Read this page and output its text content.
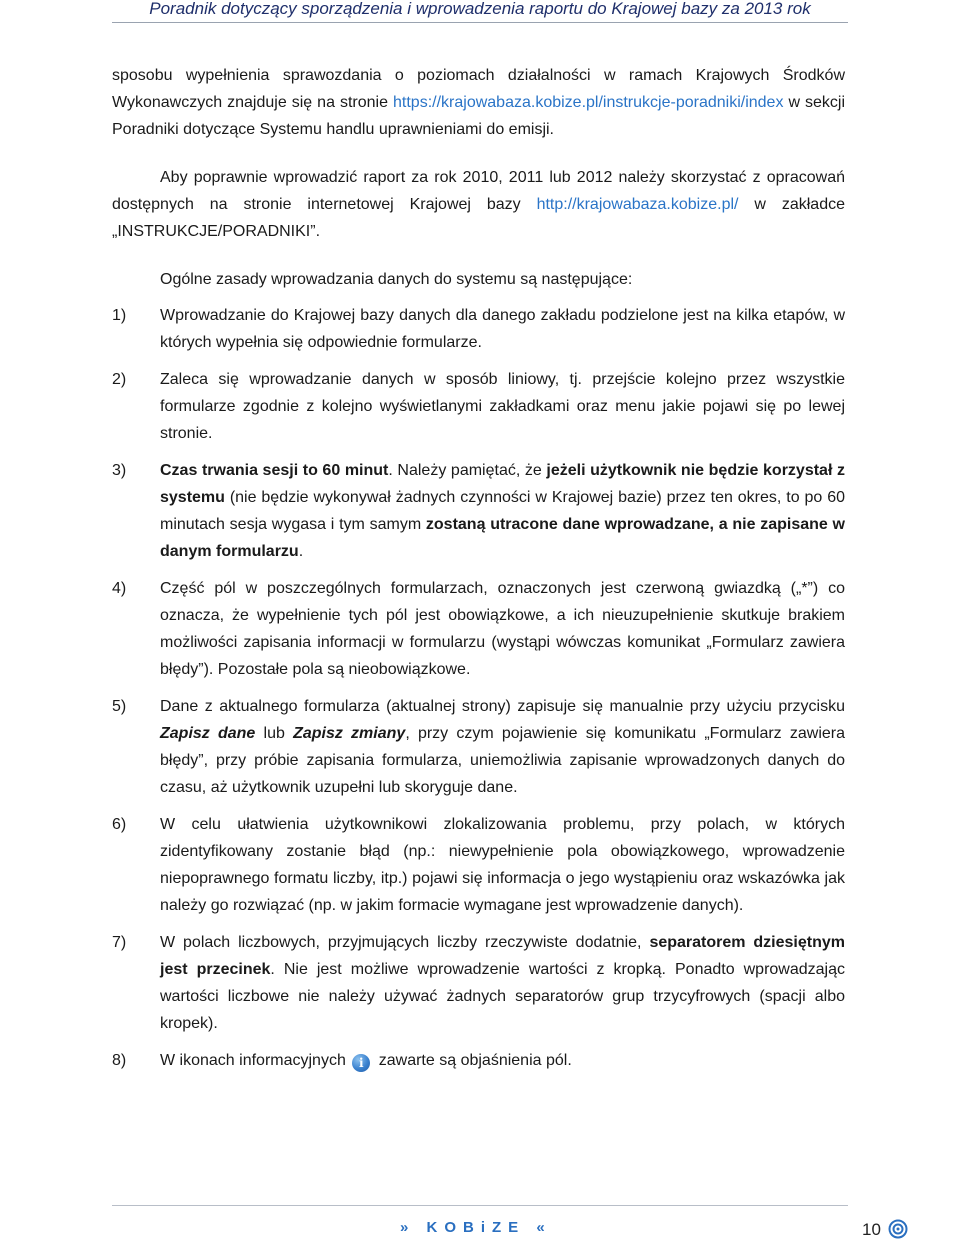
Poradnik dotyczący sporządzenia i wprowadzenia raportu do Krajowej bazy za 2013 rok

sposobu wypełnienia sprawozdania o poziomach działalności w ramach Krajowych Środków Wykonawczych znajduje się na stronie https://krajowabaza.kobize.pl/instrukcje-poradniki/index w sekcji Poradniki dotyczące Systemu handlu uprawnieniami do emisji.

Aby poprawnie wprowadzić raport za rok 2010, 2011 lub 2012 należy skorzystać z opracowań dostępnych na stronie internetowej Krajowej bazy http://krajowabaza.kobize.pl/ w zakładce „INSTRUKCJE/PORADNIKI”.

Ogólne zasady wprowadzania danych do systemu są następujące:

1)	Wprowadzanie do Krajowej bazy danych dla danego zakładu podzielone jest na kilka etapów, w których wypełnia się odpowiednie formularze.
2)	Zaleca się wprowadzanie danych w sposób liniowy, tj. przejście kolejno przez wszystkie formularze zgodnie z kolejno wyświetlanymi zakładkami oraz menu jakie pojawi się po lewej stronie.
3)	Czas trwania sesji to 60 minut. Należy pamiętać, że jeżeli użytkownik nie będzie korzystał z systemu (nie będzie wykonywał żadnych czynności w Krajowej bazie) przez ten okres, to po 60 minutach sesja wygasa i tym samym zostaną utracone dane wprowadzane, a nie zapisane w danym formularzu.
4)	Część pól w poszczególnych formularzach, oznaczonych jest czerwoną gwiazdką („*”) co oznacza, że wypełnienie tych pól jest obowiązkowe, a ich nieuzupełnienie skutkuje brakiem możliwości zapisania informacji w formularzu (wystąpi wówczas komunikat „Formularz zawiera błędy”). Pozostałe pola są nieobowiązkowe.
5)	Dane z aktualnego formularza (aktualnej strony) zapisuje się manualnie przy użyciu przycisku Zapisz dane lub Zapisz zmiany, przy czym pojawienie się komunikatu „Formularz zawiera błędy”, przy próbie zapisania formularza, uniemożliwia zapisanie wprowadzonych danych do czasu, aż użytkownik uzupełni lub skoryguje dane.
6)	W celu ułatwienia użytkownikowi zlokalizowania problemu, przy polach, w których zidentyfikowany zostanie błąd (np.: niewypełnienie pola obowiązkowego, wprowadzenie niepoprawnego formatu liczby, itp.) pojawi się informacja o jego wystąpieniu oraz wskazówka jak należy go rozwiązać (np. w jakim formacie wymagane jest wprowadzenie danych).
7)	W polach liczbowych, przyjmujących liczby rzeczywiste dodatnie, separatorem dziesiętnym jest przecinek. Nie jest możliwe wprowadzenie wartości z kropką. Ponadto wprowadzając wartości liczbowe nie należy używać żadnych separatorów grup trzycyfrowych (spacji albo kropek).
8)	W ikonach informacyjnych i zawarte są objaśnienia pól.
» KOBiZE «	10
